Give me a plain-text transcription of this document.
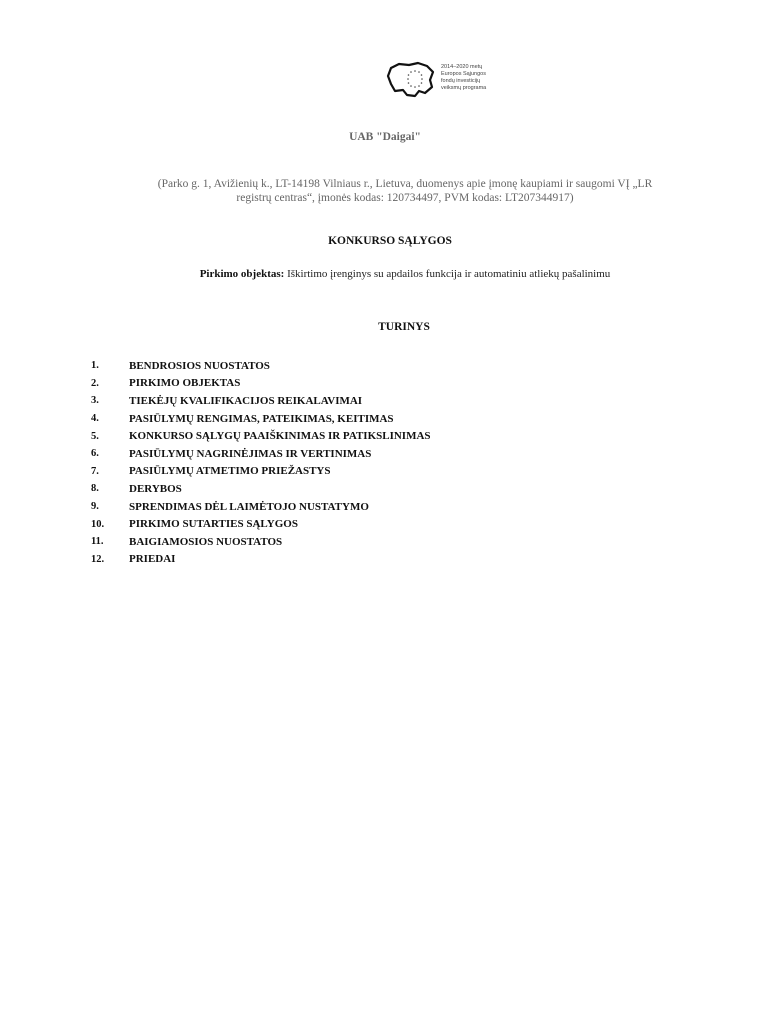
2014–2020 metų
Europos Sąjungos
fondų investicijų
veiksmų programa
UAB "Daigai"
(Parko g. 1, Avižienių k., LT-14198 Vilniaus r., Lietuva, duomenys apie įmonę kaupiami ir saugomi VĮ „LR registrų centras“, įmonės kodas: 120734497, PVM kodas: LT207344917)
KONKURSO SĄLYGOS
Pirkimo objektas: Iškirtimo įrenginys su apdailos funkcija ir automatiniu atliekų pašalinimu
TURINYS
1.	BENDROSIOS NUOSTATOS
2.	PIRKIMO OBJEKTAS
3.	TIEKĖJŲ KVALIFIKACIJOS REIKALAVIMAI
4.	PASIŪLYMŲ RENGIMAS, PATEIKIMAS, KEITIMAS
5.	KONKURSO SĄLYGŲ PAAIŠKINIMAS IR PATIKSLINIMAS
6.	PASIŪLYMŲ NAGRINĖJIMAS IR VERTINIMAS
7.	PASIŪLYMŲ ATMETIMO PRIEŽASTYS
8.	DERYBOS
9.	SPRENDIMAS DĖL LAIMĖTOJO NUSTATYMO
10.	PIRKIMO SUTARTIES SĄLYGOS
11.	BAIGIAMOSIOS NUOSTATOS
12.	PRIEDAI
